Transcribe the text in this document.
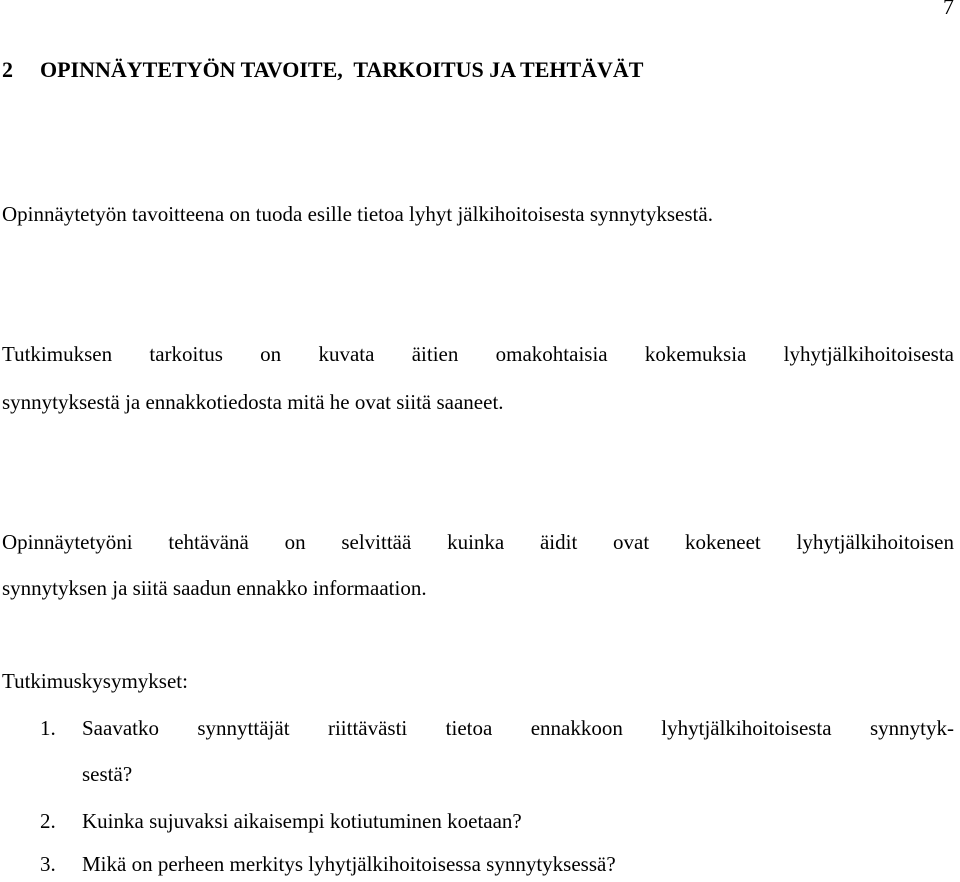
7
2 OPINNÄYTETYÖN TAVOITE,  TARKOITUS JA TEHTÄVÄT
Opinnäytetyön tavoitteena on tuoda esille tietoa lyhyt jälkihoitoisesta synnytyksestä.
Tutkimuksen tarkoitus on kuvata äitien omakohtaisia kokemuksia lyhytjälkihoitoisesta
synnytyksestä ja ennakkotiedosta mitä he ovat siitä saaneet.
Opinnäytetyöni tehtävänä on selvittää kuinka äidit ovat kokeneet lyhytjälkihoitoisen
synnytyksen ja siitä saadun ennakko informaation.
Tutkimuskysymykset:
1. Saavatko synnyttäjät riittävästi tietoa ennakkoon lyhytjälkihoitoisesta synnytyk-
sestä?
2. Kuinka sujuvaksi aikaisempi kotiutuminen koetaan?
3. Mikä on perheen merkitys lyhytjälkihoitoisessa synnytyksessä?
